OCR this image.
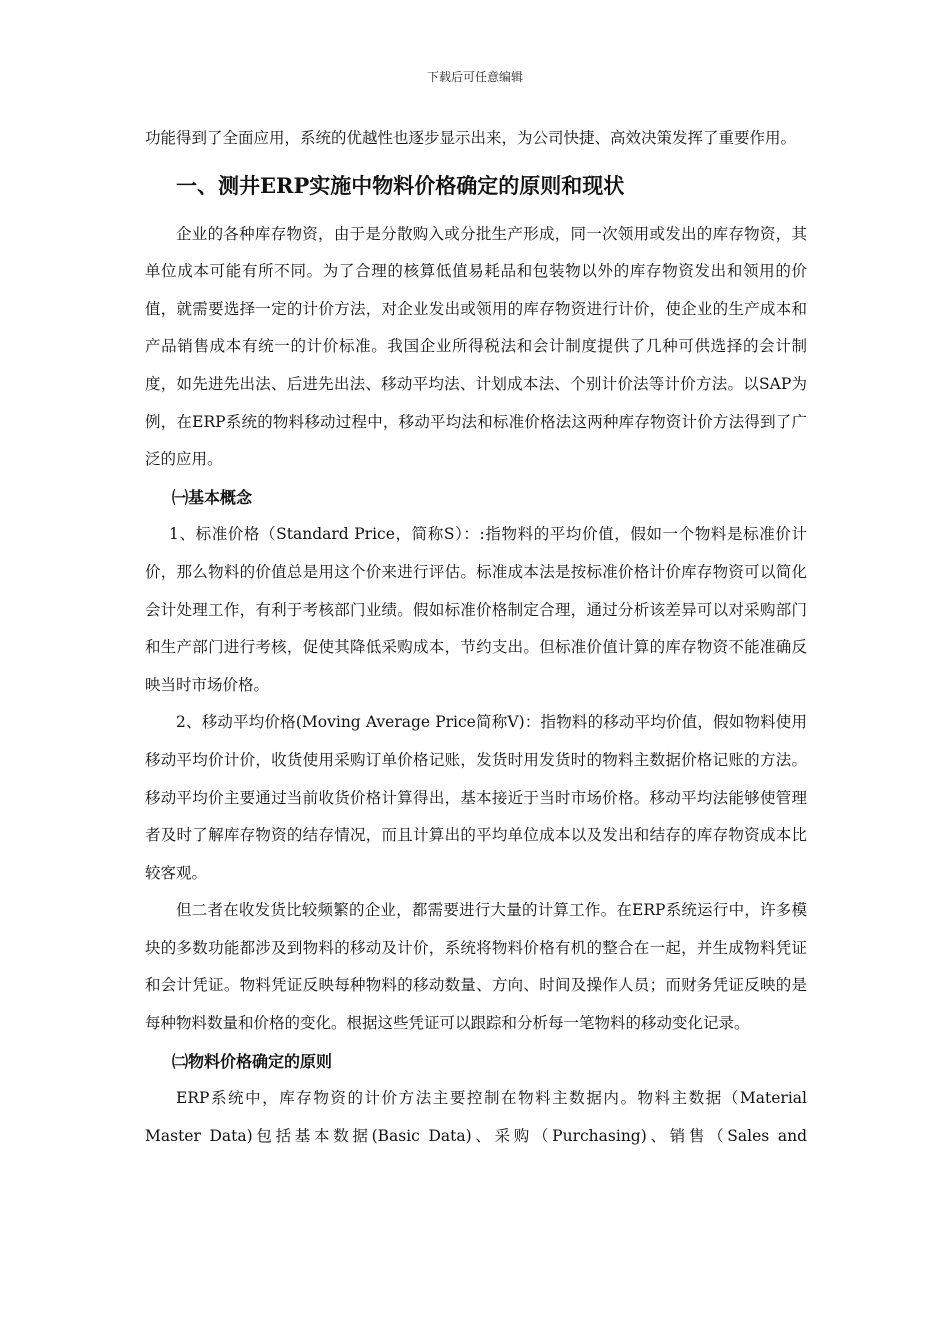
下载后可任意编辑

功能得到了全面应用，系统的优越性也逐步显示出来，为公司快捷、高效决策发挥了重要作用。

一、测井ERP实施中物料价格确定的原则和现状

企业的各种库存物资，由于是分散购入或分批生产形成，同一次领用或发出的库存物资，其单位成本可能有所不同。为了合理的核算低值易耗品和包装物以外的库存物资发出和领用的价值，就需要选择一定的计价方法，对企业发出或领用的库存物资进行计价，使企业的生产成本和产品销售成本有统一的计价标准。我国企业所得税法和会计制度提供了几种可供选择的会计制度，如先进先出法、后进先出法、移动平均法、计划成本法、个别计价法等计价方法。以SAP为例，在ERP系统的物料移动过程中，移动平均法和标准价格法这两种库存物资计价方法得到了广泛的应用。

㈠基本概念

1、标准价格（Standard Price，简称S）：:指物料的平均价值，假如一个物料是标准价计价，那么物料的价值总是用这个价来进行评估。标准成本法是按标准价格计价库存物资可以简化会计处理工作，有利于考核部门业绩。假如标准价格制定合理，通过分析该差异可以对采购部门和生产部门进行考核，促使其降低采购成本，节约支出。但标准价值计算的库存物资不能准确反映当时市场价格。

2、移动平均价格(Moving Average Price简称V)：指物料的移动平均价值，假如物料使用移动平均价计价，收货使用采购订单价格记账，发货时用发货时的物料主数据价格记账的方法。移动平均价主要通过当前收货价格计算得出，基本接近于当时市场价格。移动平均法能够使管理者及时了解库存物资的结存情况，而且计算出的平均单位成本以及发出和结存的库存物资成本比较客观。

但二者在收发货比较频繁的企业，都需要进行大量的计算工作。在ERP系统运行中，许多模块的多数功能都涉及到物料的移动及计价，系统将物料价格有机的整合在一起，并生成物料凭证和会计凭证。物料凭证反映每种物料的移动数量、方向、时间及操作人员；而财务凭证反映的是每种物料数量和价格的变化。根据这些凭证可以跟踪和分析每一笔物料的移动变化记录。

㈡物料价格确定的原则

ERP系统中，库存物资的计价方法主要控制在物料主数据内。物料主数据（Material

Master Data)包括基本数据(Basic Data)、采购（Purchasing)、销售（Sales and
